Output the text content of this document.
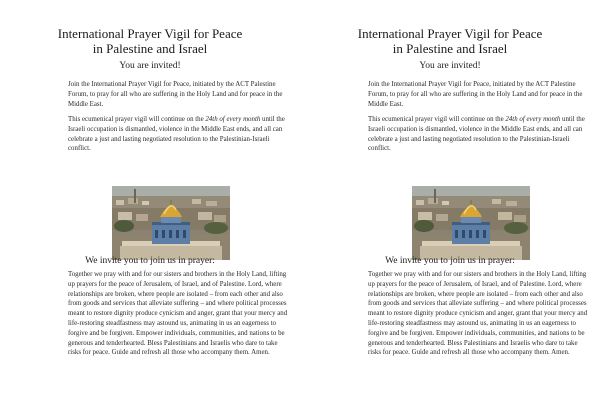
International Prayer Vigil for Peace
in Palestine and Israel
You are invited!

Join the International Prayer Vigil for Peace, initiated by the ACT Palestine Forum, to pray for all who are suffering in the Holy Land and for peace in the Middle East.

This ecumenical prayer vigil will continue on the 24th of every month until the Israeli occupation is dismantled, violence in the Middle East ends, and all can celebrate a just and lasting negotiated resolution to the Palestinian-Israeli conflict.

We invite you to join us in prayer:

Together we pray with and for our sisters and brothers in the Holy Land, lifting up prayers for the peace of Jerusalem, of Israel, and of Palestine. Lord, where relationships are broken, where people are isolated – from each other and also from goods and services that alleviate suffering – and where political processes meant to restore dignity produce cynicism and anger, grant that your mercy and life-restoring steadfastness may astound us, animating in us an eagerness to forgive and be forgiven. Empower individuals, communities, and nations to be generous and tenderhearted. Bless Palestinians and Israelis who dare to take risks for peace. Guide and refresh all those who accompany them. Amen.

International Prayer Vigil for Peace
in Palestine and Israel
You are invited!

Join the International Prayer Vigil for Peace, initiated by the ACT Palestine Forum, to pray for all who are suffering in the Holy Land and for peace in the Middle East.

This ecumenical prayer vigil will continue on the 24th of every month until the Israeli occupation is dismantled, violence in the Middle East ends, and all can celebrate a just and lasting negotiated resolution to the Palestinian-Israeli conflict.

We invite you to join us in prayer:

Together we pray with and for our sisters and brothers in the Holy Land, lifting up prayers for the peace of Jerusalem, of Israel, and of Palestine. Lord, where relationships are broken, where people are isolated – from each other and also from goods and services that alleviate suffering – and where political processes meant to restore dignity produce cynicism and anger, grant that your mercy and life-restoring steadfastness may astound us, animating in us an eagerness to forgive and be forgiven. Empower individuals, communities, and nations to be generous and tenderhearted. Bless Palestinians and Israelis who dare to take risks for peace. Guide and refresh all those who accompany them. Amen.
